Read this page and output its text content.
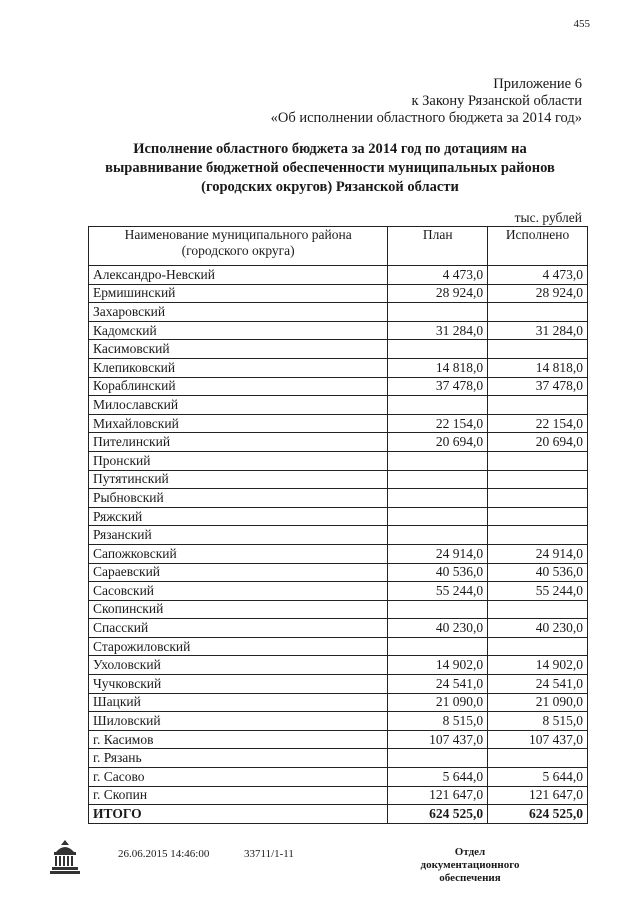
455
Приложение 6
к Закону Рязанской области
«Об исполнении областного бюджета за 2014 год»
Исполнение областного бюджета за 2014 год по дотациям на
выравнивание бюджетной обеспеченности муниципальных районов
(городских округов) Рязанской области
тыс. рублей
Наименование муниципального района
(городского округа)	План	Исполнено
Александро-Невский	4 473,0	4 473,0
Ермишинский	28 924,0	28 924,0
Захаровский		
Кадомский	31 284,0	31 284,0
Касимовский		
Клепиковский	14 818,0	14 818,0
Кораблинский	37 478,0	37 478,0
Милославский		
Михайловский	22 154,0	22 154,0
Пителинский	20 694,0	20 694,0
Пронский		
Путятинский		
Рыбновский		
Ряжский		
Рязанский		
Сапожковский	24 914,0	24 914,0
Сараевский	40 536,0	40 536,0
Сасовский	55 244,0	55 244,0
Скопинский		
Спасский	40 230,0	40 230,0
Старожиловский		
Ухоловский	14 902,0	14 902,0
Чучковский	24 541,0	24 541,0
Шацкий	21 090,0	21 090,0
Шиловский	8 515,0	8 515,0
г. Касимов	107 437,0	107 437,0
г. Рязань		
г. Сасово	5 644,0	5 644,0
г. Скопин	121 647,0	121 647,0
ИТОГО	624 525,0	624 525,0
26.06.2015 14:46:00	33711/1-11	Отдел документационного
обеспечения
